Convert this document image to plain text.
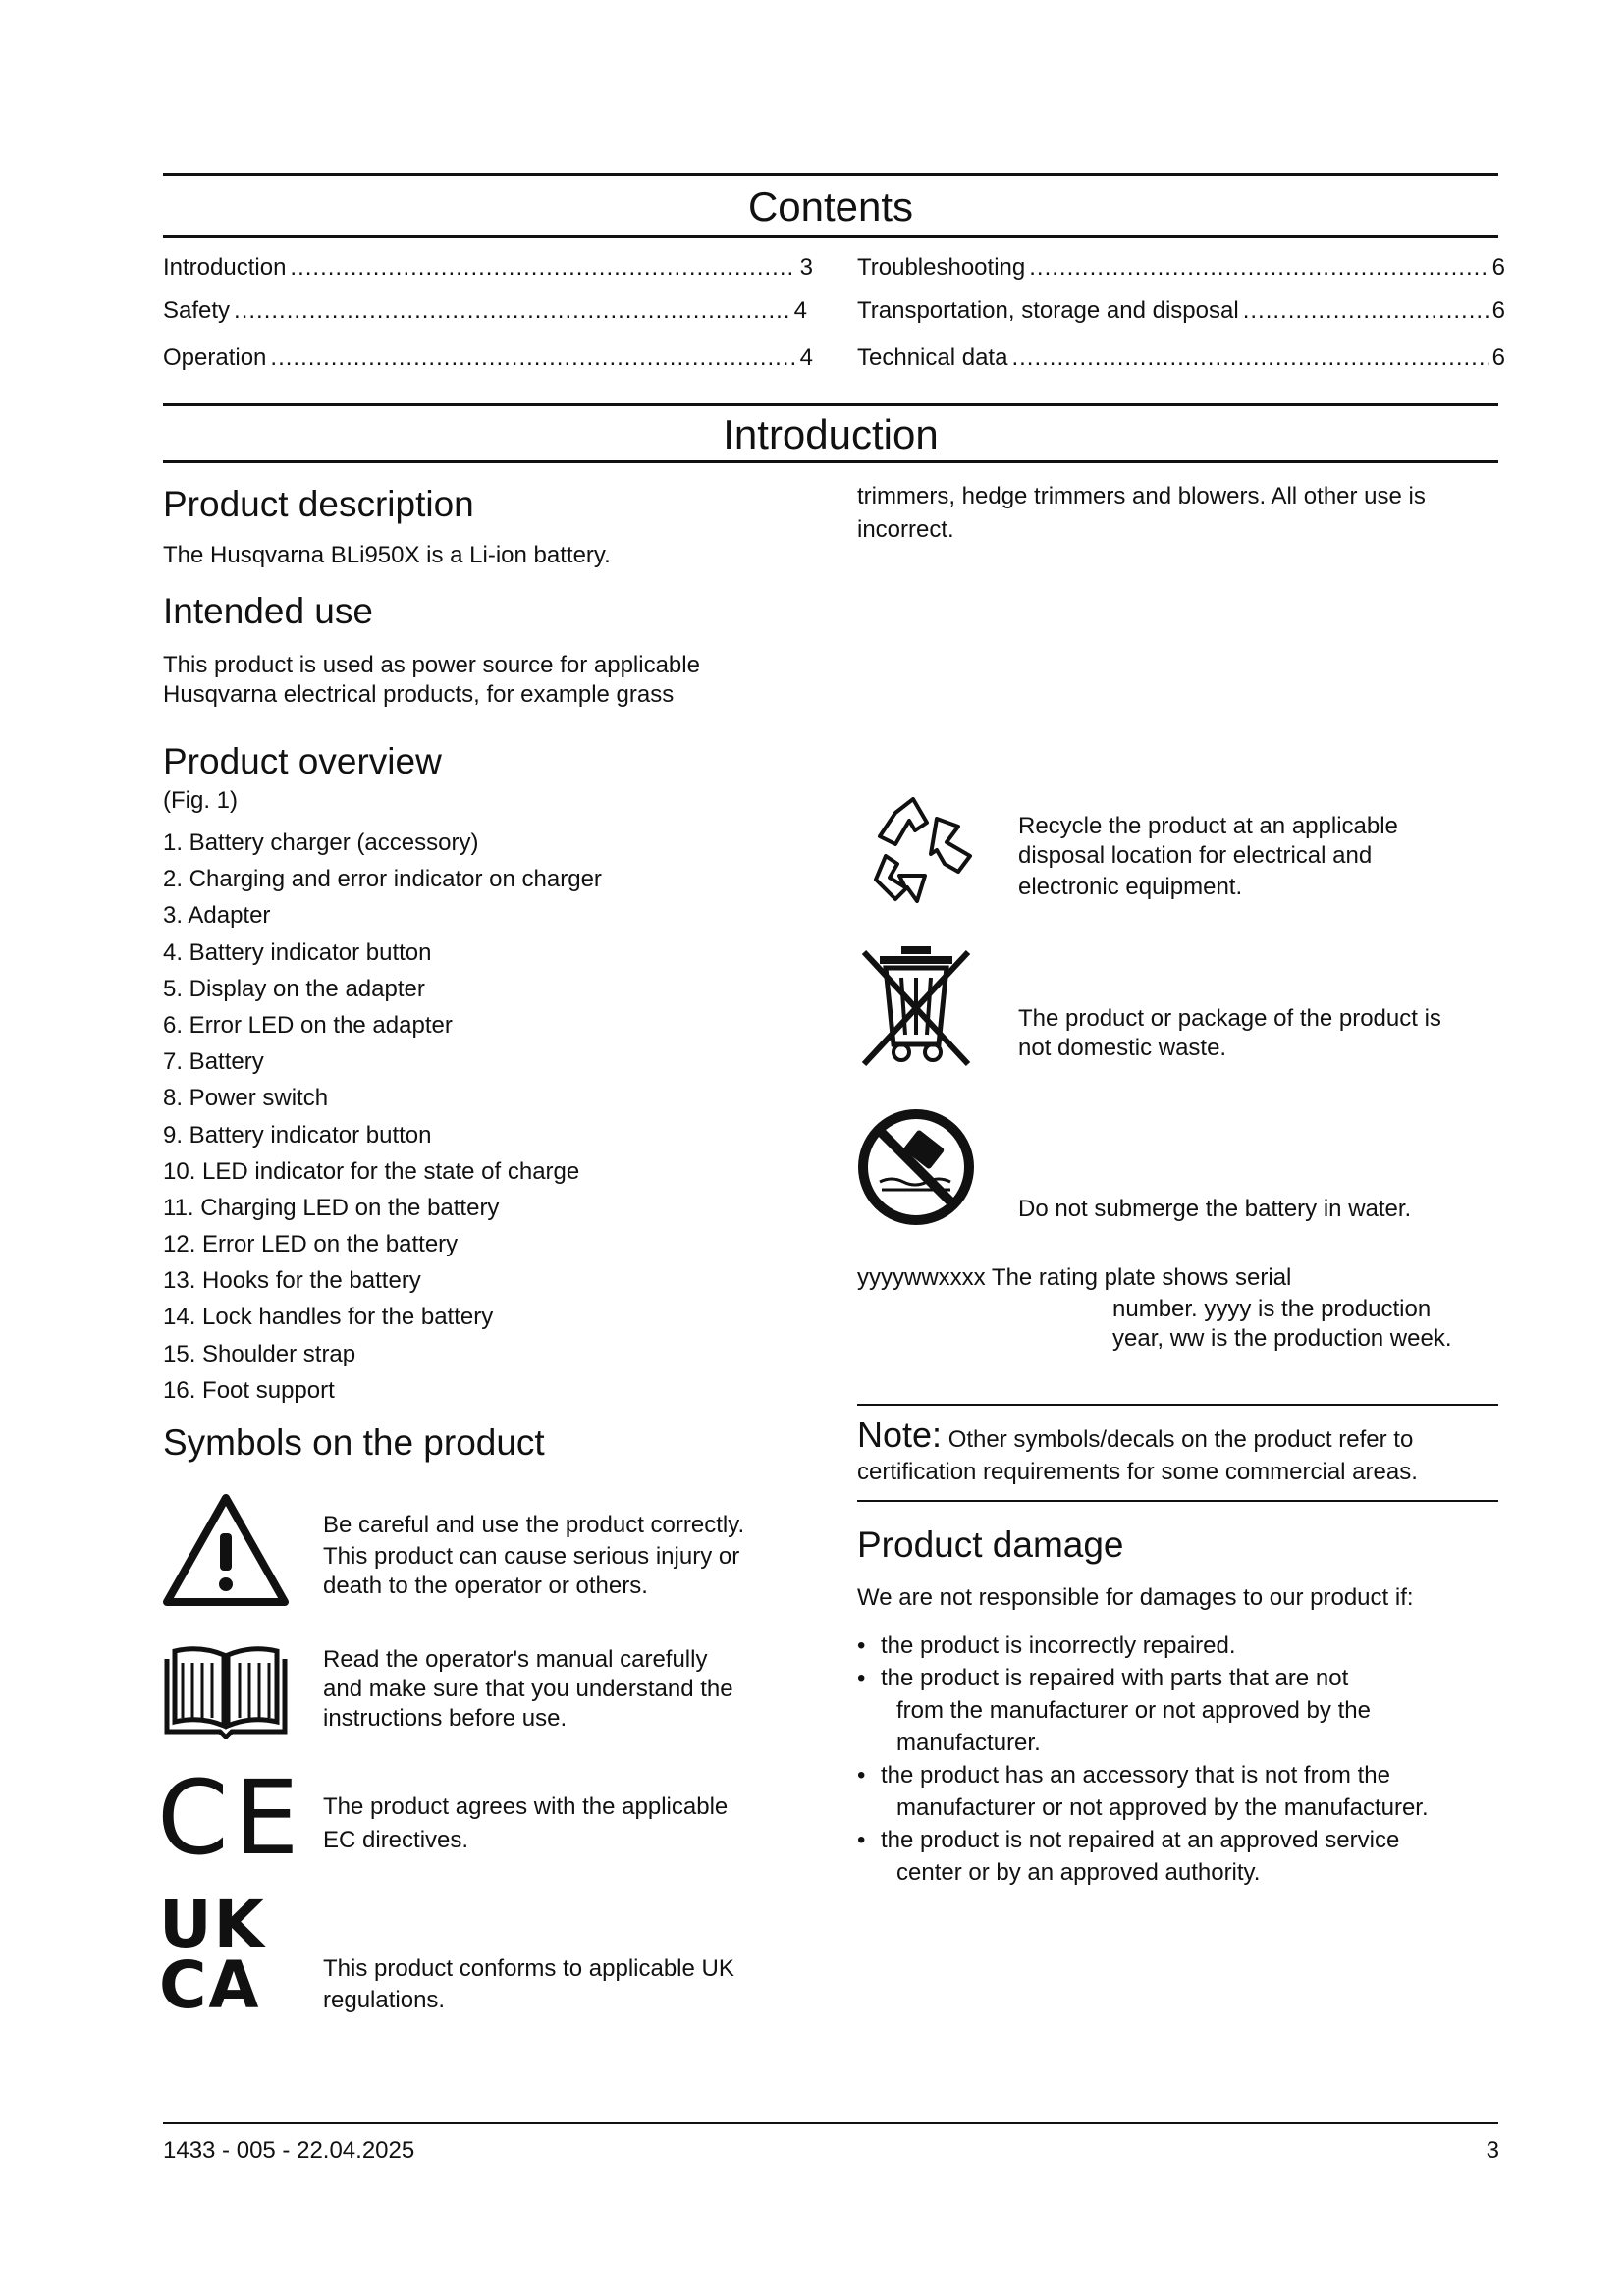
Contents
Introduction .....	3
Safety .....	4
Operation .....	4
Troubleshooting .....	6
Transportation, storage and disposal .....	6
Technical data .....	6
Introduction
Product description
The Husqvarna BLi950X is a Li-ion battery.
Intended use
This product is used as power source for applicable
Husqvarna electrical products, for example grass
Product overview
(Fig. 1)
1. Battery charger (accessory)
2. Charging and error indicator on charger
3. Adapter
4. Battery indicator button
5. Display on the adapter
6. Error LED on the adapter
7. Battery
8. Power switch
9. Battery indicator button
10. LED indicator for the state of charge
11. Charging LED on the battery
12. Error LED on the battery
13. Hooks for the battery
14. Lock handles for the battery
15. Shoulder strap
16. Foot support
Symbols on the product
Be careful and use the product correctly.
This product can cause serious injury or
death to the operator or others.
Read the operator's manual carefully
and make sure that you understand the
instructions before use.
CE The product agrees with the applicable
EC directives.
UK
CA	This product conforms to applicable UK
regulations.
trimmers, hedge trimmers and blowers. All other use is
incorrect.
Recycle the product at an applicable
disposal location for electrical and
electronic equipment.
The product or package of the product is
not domestic waste.
Do not submerge the battery in water.
yyyywwxxxx The rating plate shows serial
number. yyyy is the production
year, ww is the production week.
Note: Other symbols/decals on the product refer to
certification requirements for some commercial areas.
Product damage
We are not responsible for damages to our product if:
• the product is incorrectly repaired.
• the product is repaired with parts that are not
from the manufacturer or not approved by the
manufacturer.
• the product has an accessory that is not from the
manufacturer or not approved by the manufacturer.
• the product is not repaired at an approved service
center or by an approved authority.
1433 - 005 - 22.04.2025	3
